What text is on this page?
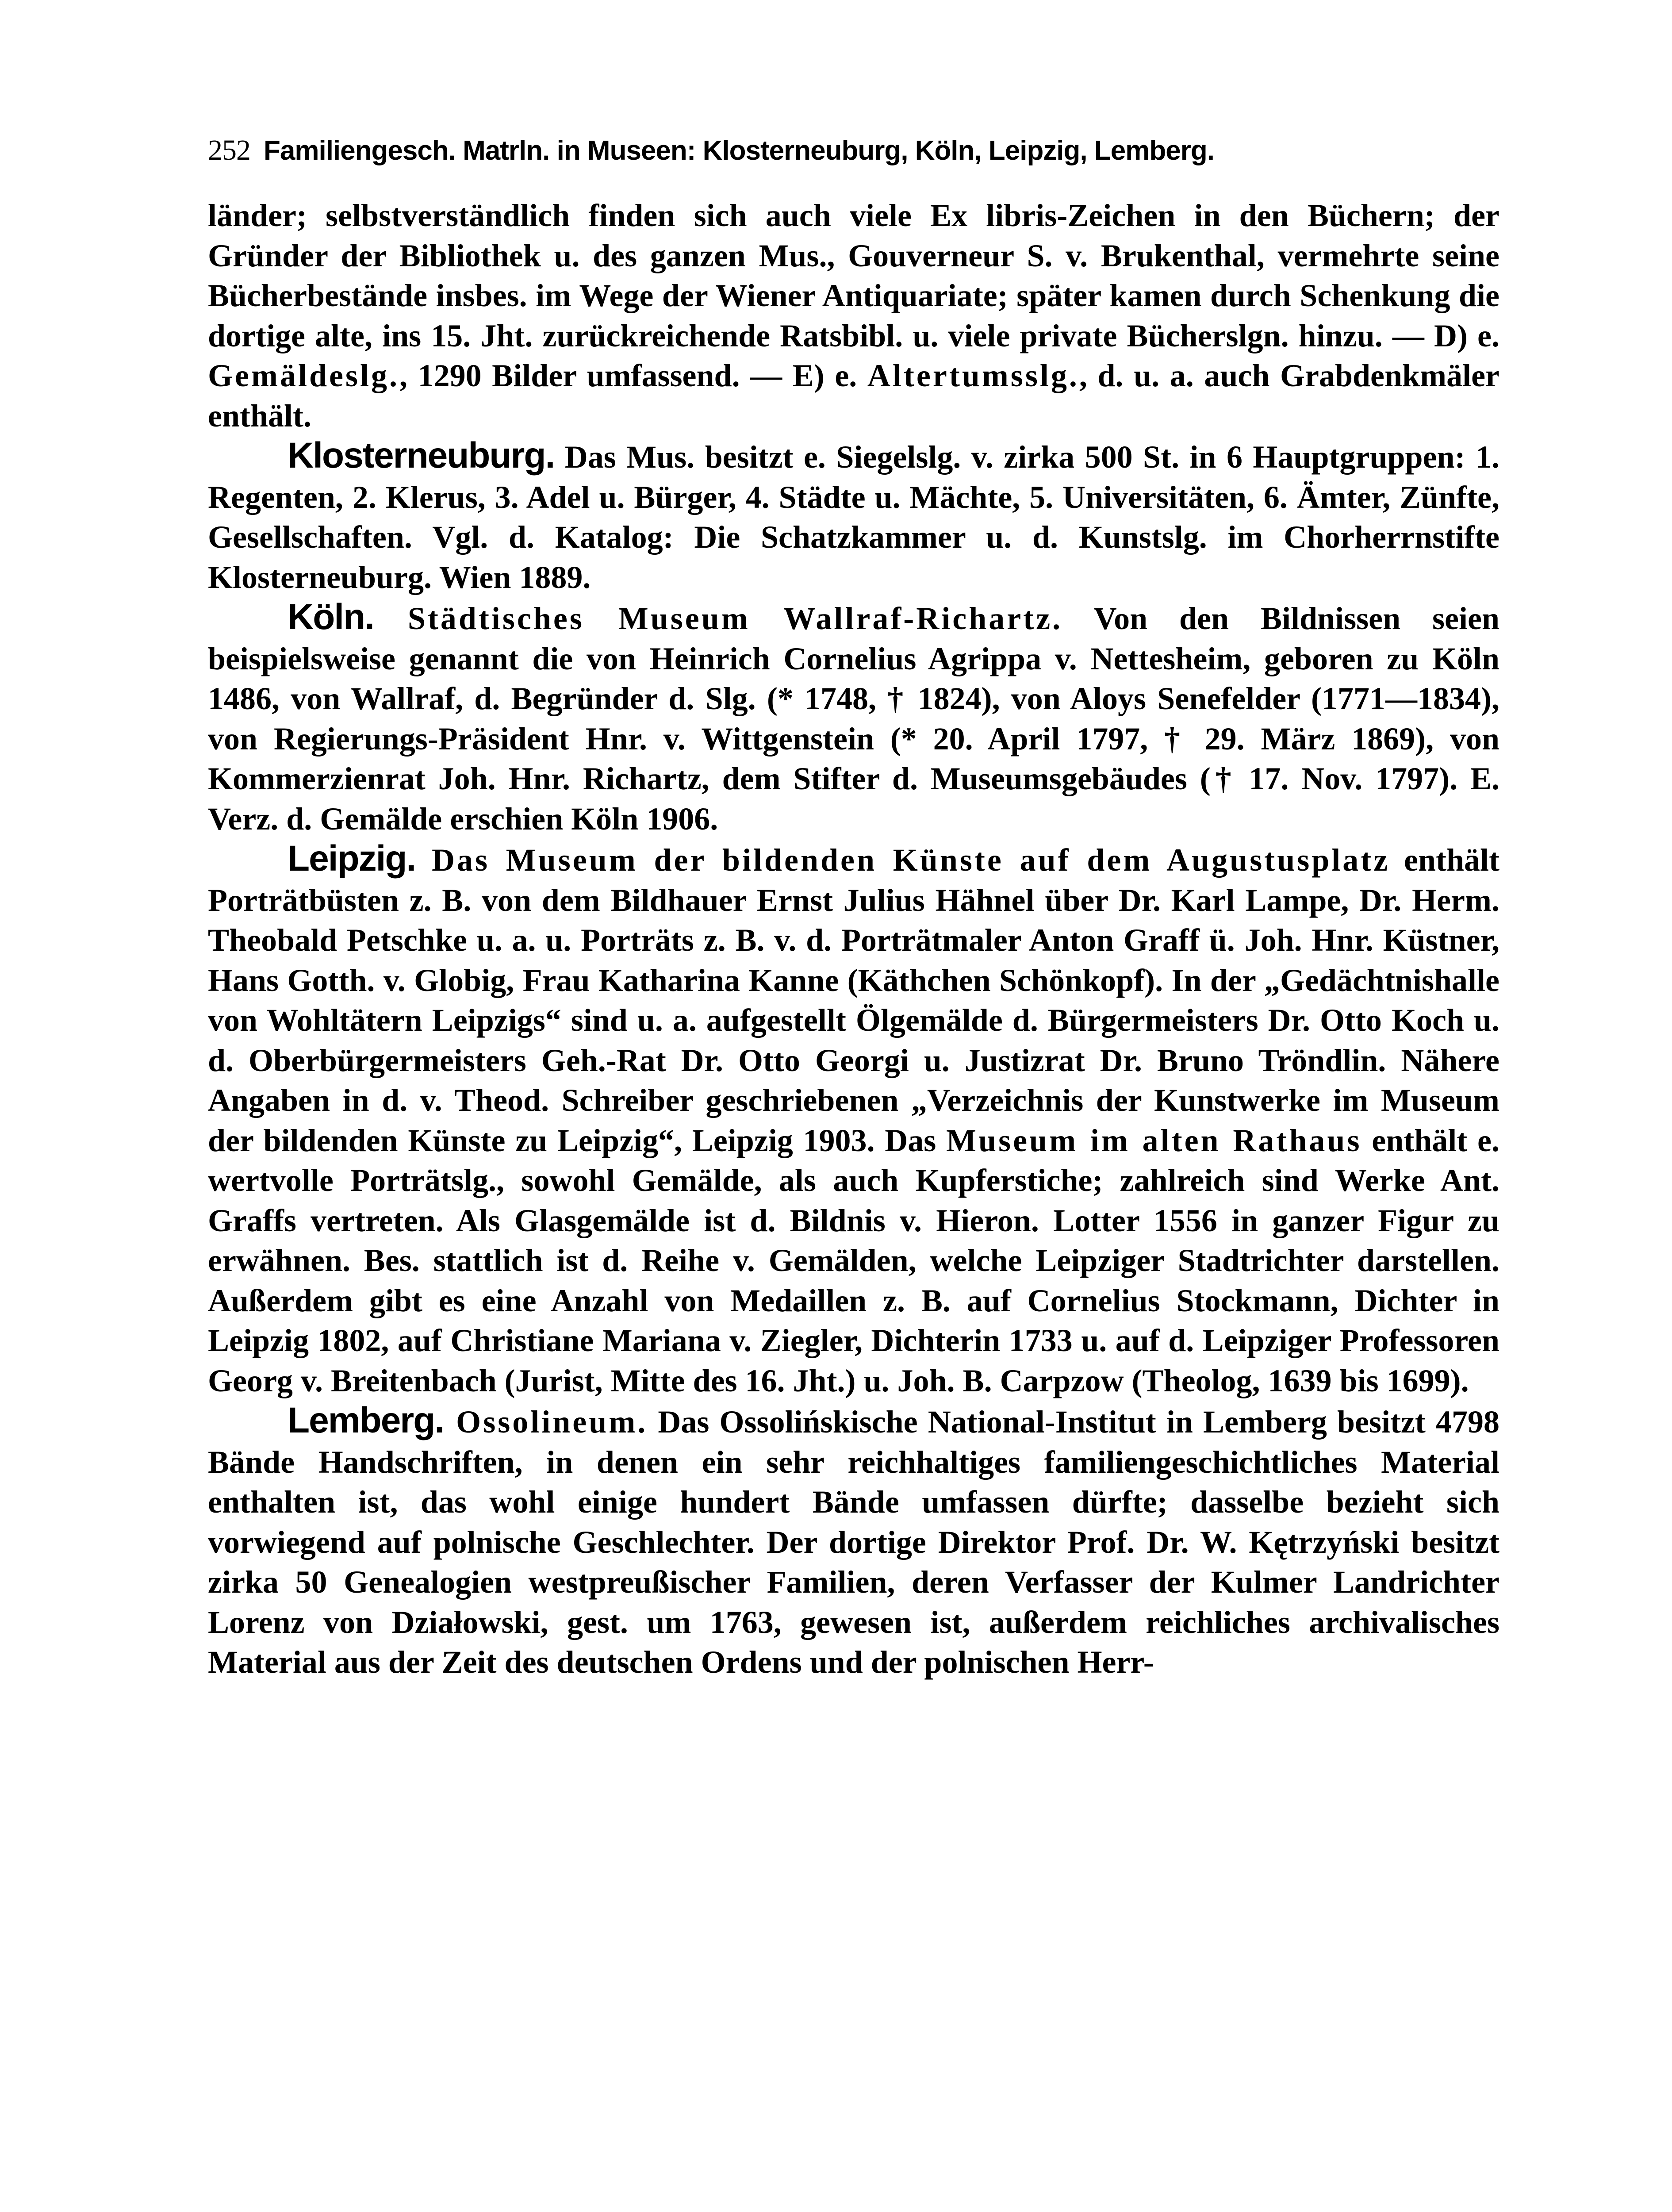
252 Familiengesch. Matrln. in Museen: Klosterneuburg, Köln, Leipzig, Lemberg.

länder; selbstverständlich finden sich auch viele Ex libris-Zeichen in den Büchern; der Gründer der Bibliothek u. des ganzen Mus., Gouverneur S. v. Brukenthal, vermehrte seine Bücherbestände insbes. im Wege der Wiener Antiquariate; später kamen durch Schenkung die dortige alte, ins 15. Jht. zurückreichende Ratsbibl. u. viele private Bücherslgn. hinzu. — D) e. Gemäldeslg., 1290 Bilder umfassend. — E) e. Altertumsslg., d. u. a. auch Grabdenkmäler enthält.

Klosterneuburg. Das Mus. besitzt e. Siegelslg. v. zirka 500 St. in 6 Hauptgruppen: 1. Regenten, 2. Klerus, 3. Adel u. Bürger, 4. Städte u. Mächte, 5. Universitäten, 6. Ämter, Zünfte, Gesellschaften. Vgl. d. Katalog: Die Schatzkammer u. d. Kunstslg. im Chorherrnstifte Klosterneuburg. Wien 1889.

Köln. Städtisches Museum Wallraf-Richartz. Von den Bildnissen seien beispielsweise genannt die von Heinrich Cornelius Agrippa v. Nettesheim, geboren zu Köln 1486, von Wallraf, d. Begründer d. Slg. (* 1748, † 1824), von Aloys Senefelder (1771—1834), von Regierungs-Präsident Hnr. v. Wittgenstein (* 20. April 1797, † 29. März 1869), von Kommerzienrat Joh. Hnr. Richartz, dem Stifter d. Museumsgebäudes († 17. Nov. 1797). E. Verz. d. Gemälde erschien Köln 1906.

Leipzig. Das Museum der bildenden Künste auf dem Augustusplatz enthält Porträtbüsten z. B. von dem Bildhauer Ernst Julius Hähnel über Dr. Karl Lampe, Dr. Herm. Theobald Petschke u. a. u. Porträts z. B. v. d. Porträtmaler Anton Graff ü. Joh. Hnr. Küstner, Hans Gotth. v. Globig, Frau Katharina Kanne (Käthchen Schönkopf). In der „Gedächtnishalle von Wohltätern Leipzigs“ sind u. a. aufgestellt Ölgemälde d. Bürgermeisters Dr. Otto Koch u. d. Oberbürgermeisters Geh.-Rat Dr. Otto Georgi u. Justizrat Dr. Bruno Tröndlin. Nähere Angaben in d. v. Theod. Schreiber geschriebenen „Verzeichnis der Kunstwerke im Museum der bildenden Künste zu Leipzig“, Leipzig 1903. Das Museum im alten Rathaus enthält e. wertvolle Porträtslg., sowohl Gemälde, als auch Kupferstiche; zahlreich sind Werke Ant. Graffs vertreten. Als Glasgemälde ist d. Bildnis v. Hieron. Lotter 1556 in ganzer Figur zu erwähnen. Bes. stattlich ist d. Reihe v. Gemälden, welche Leipziger Stadtrichter darstellen. Außerdem gibt es eine Anzahl von Medaillen z. B. auf Cornelius Stockmann, Dichter in Leipzig 1802, auf Christiane Mariana v. Ziegler, Dichterin 1733 u. auf d. Leipziger Professoren Georg v. Breitenbach (Jurist, Mitte des 16. Jht.) u. Joh. B. Carpzow (Theolog, 1639 bis 1699).

Lemberg. Ossolineum. Das Ossolińskische National-Institut in Lemberg besitzt 4798 Bände Handschriften, in denen ein sehr reichhaltiges familiengeschichtliches Material enthalten ist, das wohl einige hundert Bände umfassen dürfte; dasselbe bezieht sich vorwiegend auf polnische Geschlechter. Der dortige Direktor Prof. Dr. W. Kętrzyński besitzt zirka 50 Genealogien westpreußischer Familien, deren Verfasser der Kulmer Landrichter Lorenz von Działowski, gest. um 1763, gewesen ist, außerdem reichliches archivalisches Material aus der Zeit des deutschen Ordens und der polnischen Herr-
